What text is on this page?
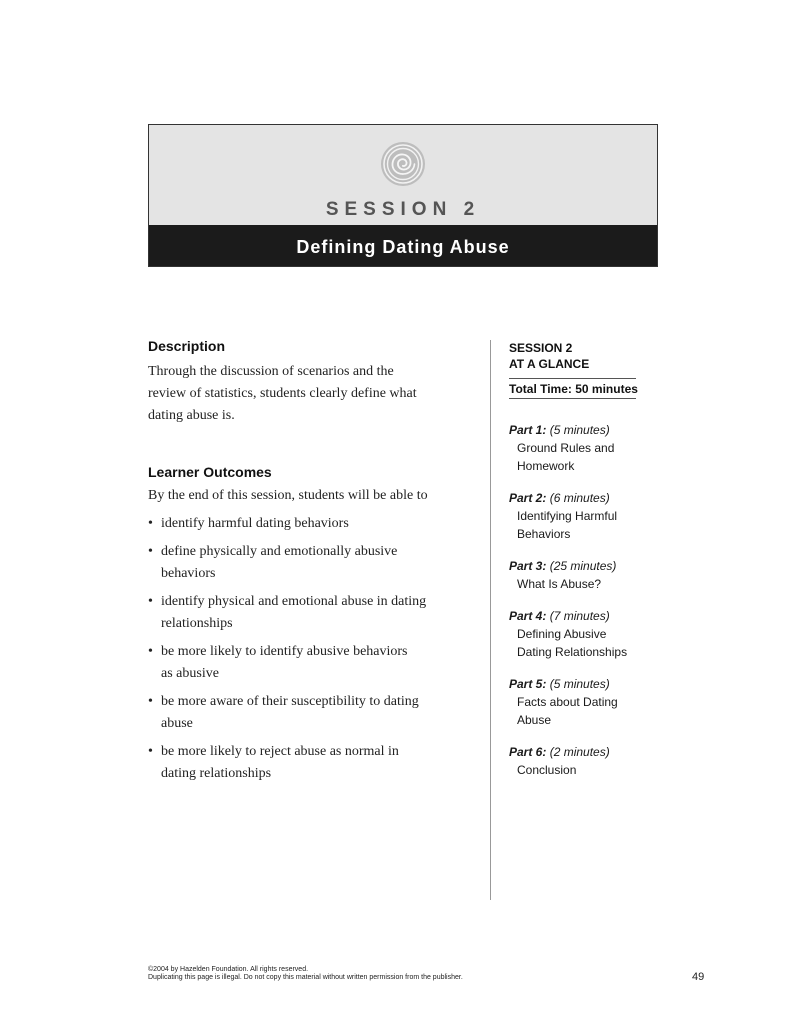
SESSION 2
Defining Dating Abuse
Description

Through the discussion of scenarios and the
review of statistics, students clearly define what
dating abuse is.

Learner Outcomes

By the end of this session, students will be able to

• identify harmful dating behaviors
• define physically and emotionally abusive
behaviors
• identify physical and emotional abuse in dating
relationships
• be more likely to identify abusive behaviors
as abusive
• be more aware of their susceptibility to dating
abuse
• be more likely to reject abuse as normal in
dating relationships
SESSION 2
AT A GLANCE
Total Time: 50 minutes
Part 1: (5 minutes)
Ground Rules and
Homework
Part 2: (6 minutes)
Identifying Harmful
Behaviors
Part 3: (25 minutes)
What Is Abuse?
Part 4: (7 minutes)
Defining Abusive
Dating Relationships
Part 5: (5 minutes)
Facts about Dating
Abuse
Part 6: (2 minutes)
Conclusion
©2004 by Hazelden Foundation. All rights reserved.
Duplicating this page is illegal. Do not copy this material without written permission from the publisher.	49
